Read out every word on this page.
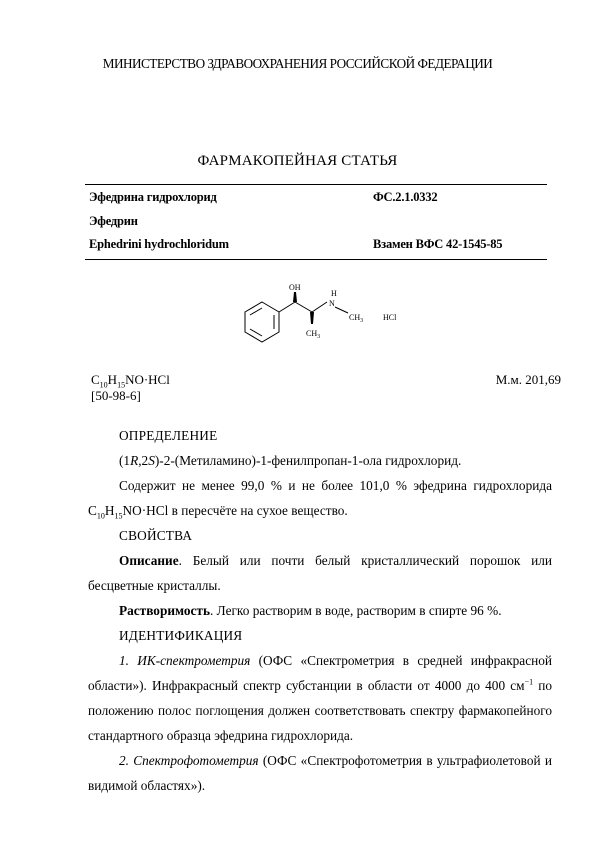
МИНИСТЕРСТВО ЗДРАВООХРАНЕНИЯ РОССИЙСКОЙ ФЕДЕРАЦИИ
ФАРМАКОПЕЙНАЯ СТАТЬЯ
Эфедрина гидрохлорид	ФС.2.1.0332
Эфедрин
Ephedrini hydrochloridum	Взамен ВФС 42-1545-85
OH
H
N
$CH_3$
$CH_3$
HCl
$C_{10}H_{15}NO\cdot HCl$	М.м. 201,69
[50-98-6]

ОПРЕДЕЛЕНИЕ

(1R,2S)-2-(Метиламино)-1-фенилпропан-1-ола гидрохлорид.

Содержит не менее 99,0 % и не более 101,0 % эфедрина гидрохлорида

$C_{10}H_{15}NO\cdot HCl$ в пересчёте на сухое вещество.

СВОЙСТВА

Описание. Белый или почти белый кристаллический порошок или бесцветные кристаллы.

Растворимость. Легко растворим в воде, растворим в спирте 96 %.

ИДЕНТИФИКАЦИЯ

1. ИК-спектрометрия (ОФС «Спектрометрия в средней инфракрасной области»). Инфракрасный спектр субстанции в области от 4000 до 400 $см^{-1}$ по положению полос поглощения должен соответствовать спектру фармакопейного стандартного образца эфедрина гидрохлорида.

2. Спектрофотометрия (ОФС «Спектрофотометрия в ультрафиолетовой и видимой областях»).
